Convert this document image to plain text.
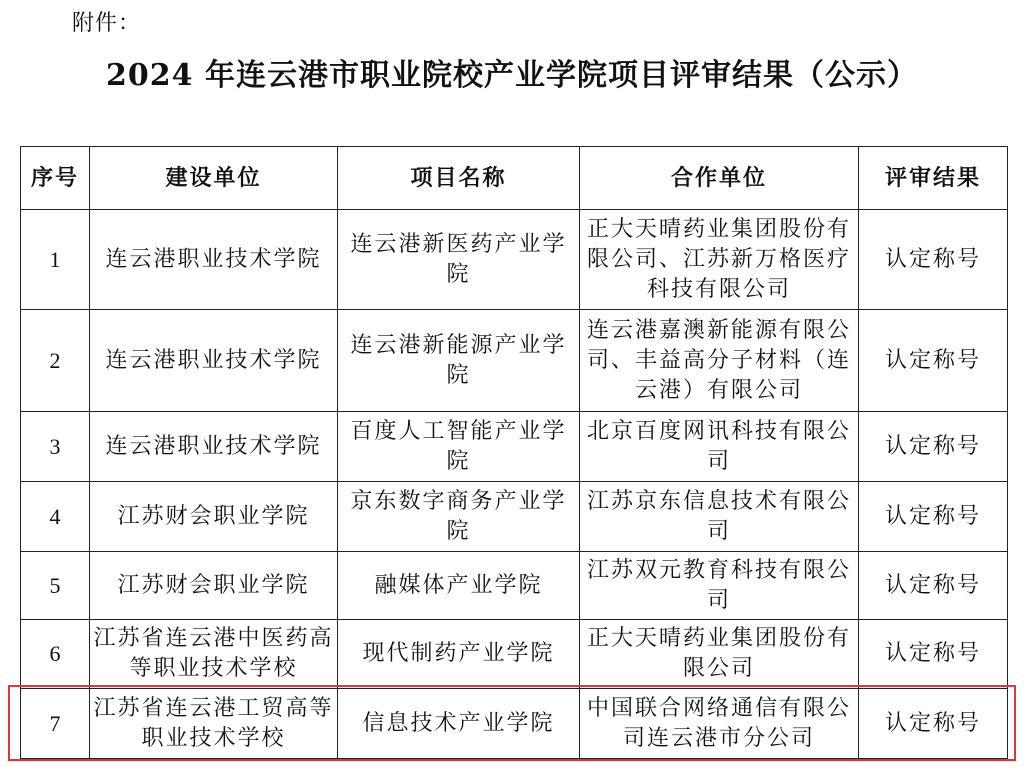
附件：
2024 年连云港市职业院校产业学院项目评审结果（公示）
序号	建设单位	项目名称	合作单位	评审结果
1	连云港职业技术学院	连云港新医药产业学院	正大天晴药业集团股份有限公司、江苏新万格医疗科技有限公司	认定称号
2	连云港职业技术学院	连云港新能源产业学院	连云港嘉澳新能源有限公司、丰益高分子材料（连云港）有限公司	认定称号
3	连云港职业技术学院	百度人工智能产业学院	北京百度网讯科技有限公司	认定称号
4	江苏财会职业学院	京东数字商务产业学院	江苏京东信息技术有限公司	认定称号
5	江苏财会职业学院	融媒体产业学院	江苏双元教育科技有限公司	认定称号
6	江苏省连云港中医药高等职业技术学校	现代制药产业学院	正大天晴药业集团股份有限公司	认定称号
7	江苏省连云港工贸高等职业技术学校	信息技术产业学院	中国联合网络通信有限公司连云港市分公司	认定称号
